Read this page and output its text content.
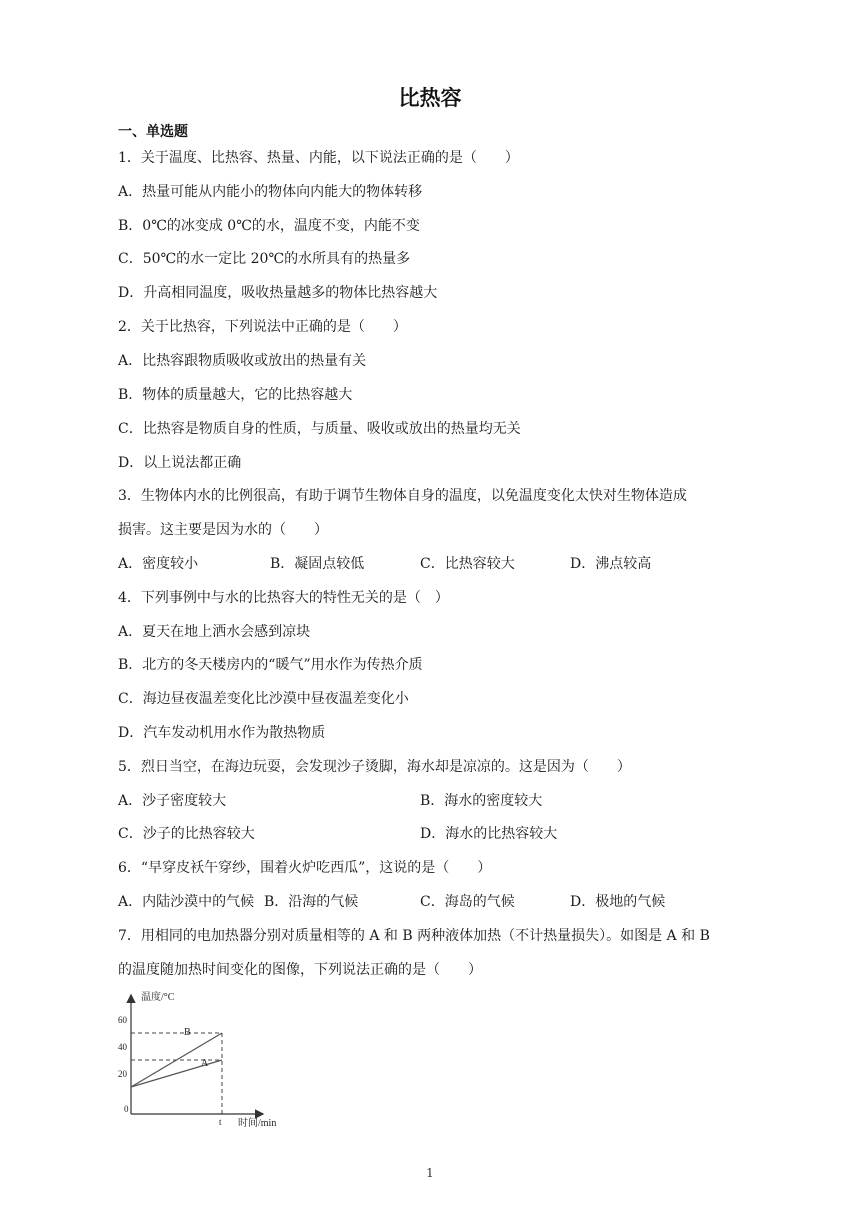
比热容
一、单选题
1．关于温度、比热容、热量、内能，以下说法正确的是（　　）
A．热量可能从内能小的物体向内能大的物体转移
B．0℃的冰变成 0℃的水，温度不变，内能不变
C．50℃的水一定比 20℃的水所具有的热量多
D．升高相同温度，吸收热量越多的物体比热容越大
2．关于比热容，下列说法中正确的是（　　）
A．比热容跟物质吸收或放出的热量有关
B．物体的质量越大，它的比热容越大
C．比热容是物质自身的性质，与质量、吸收或放出的热量均无关
D．以上说法都正确
3．生物体内水的比例很高，有助于调节生物体自身的温度，以免温度变化太快对生物体造成
损害。这主要是因为水的（　　）
A．密度较小	B．凝固点较低	C．比热容较大	D．沸点较高
4．下列事例中与水的比热容大的特性无关的是（　）
A．夏天在地上洒水会感到凉块
B．北方的冬天楼房内的“暖气”用水作为传热介质
C．海边昼夜温差变化比沙漠中昼夜温差变化小
D．汽车发动机用水作为散热物质
5．烈日当空，在海边玩耍，会发现沙子烫脚，海水却是凉凉的。这是因为（　　）
A．沙子密度较大	B．海水的密度较大
C．沙子的比热容较大	D．海水的比热容较大
6．“早穿皮袄午穿纱，围着火炉吃西瓜”，这说的是（　　）
A．内陆沙漠中的气候 B．沿海的气候	C．海岛的气候	D．极地的气候
7．用相同的电加热器分别对质量相等的 A 和 B 两种液体加热（不计热量损失）。如图是 A 和 B
的温度随加热时间变化的图像，下列说法正确的是（　　）
温度/°C
时间/min
0
20
40
60
t
B
A
1
